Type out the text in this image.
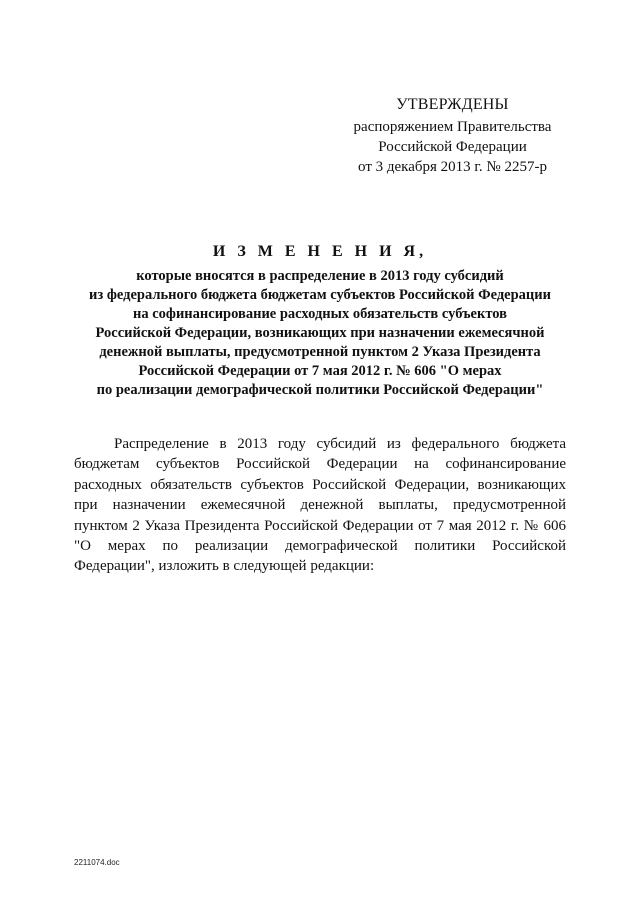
УТВЕРЖДЕНЫ
распоряжением Правительства
Российской Федерации
от 3 декабря 2013 г. № 2257-р
И З М Е Н Е Н И Я,
которые вносятся в распределение в 2013 году субсидий
из федерального бюджета бюджетам субъектов Российской Федерации
на софинансирование расходных обязательств субъектов
Российской Федерации, возникающих при назначении ежемесячной
денежной выплаты, предусмотренной пунктом 2 Указа Президента
Российской Федерации от 7 мая 2012 г. № 606 "О мерах
по реализации демографической политики Российской Федерации"
Распределение в 2013 году субсидий из федерального бюджета
бюджетам субъектов Российской Федерации на софинансирование
расходных обязательств субъектов Российской Федерации, возникающих
при назначении ежемесячной денежной выплаты, предусмотренной
пунктом 2 Указа Президента Российской Федерации от 7 мая 2012 г. № 606
"О мерах по реализации демографической политики Российской
Федерации", изложить в следующей редакции:
2211074.doc
